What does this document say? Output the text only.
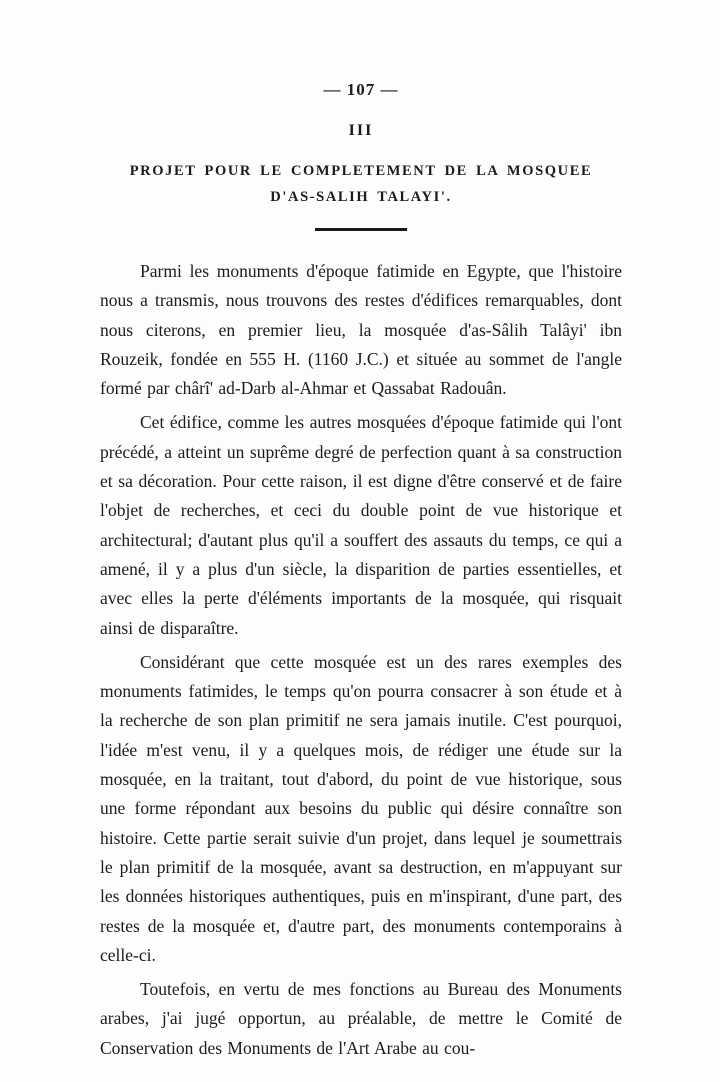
— 107 —
III
PROJET POUR LE COMPLETEMENT DE LA MOSQUEE
D'AS-SALIH TALAYI'.

Parmi les monuments d'époque fatimide en Egypte, que l'histoire nous a transmis, nous trouvons des restes d'édifices remarquables, dont nous citerons, en premier lieu, la mosquée d'as-Sâlih Talâyi' ibn Rouzeik, fondée en 555 H. (1160 J.C.) et située au sommet de l'angle formé par chârî' ad-Darb al-Ahmar et Qassabat Radouân.

Cet édifice, comme les autres mosquées d'époque fatimide qui l'ont précédé, a atteint un suprême degré de perfection quant à sa construction et sa décoration. Pour cette raison, il est digne d'être conservé et de faire l'objet de recherches, et ceci du double point de vue historique et architectural; d'autant plus qu'il a souffert des assauts du temps, ce qui a amené, il y a plus d'un siècle, la disparition de parties essentielles, et avec elles la perte d'éléments importants de la mosquée, qui risquait ainsi de disparaître.

Considérant que cette mosquée est un des rares exemples des monuments fatimides, le temps qu'on pourra consacrer à son étude et à la recherche de son plan primitif ne sera jamais inutile. C'est pourquoi, l'idée m'est venu, il y a quelques mois, de rédiger une étude sur la mosquée, en la traitant, tout d'abord, du point de vue historique, sous une forme répondant aux besoins du public qui désire connaître son histoire. Cette partie serait suivie d'un projet, dans lequel je soumettrais le plan primitif de la mosquée, avant sa destruction, en m'appuyant sur les données historiques authentiques, puis en m'inspirant, d'une part, des restes de la mosquée et, d'autre part, des monuments contemporains à celle-ci.

Toutefois, en vertu de mes fonctions au Bureau des Monuments arabes, j'ai jugé opportun, au préalable, de mettre le Comité de Conservation des Monuments de l'Art Arabe au cou-
